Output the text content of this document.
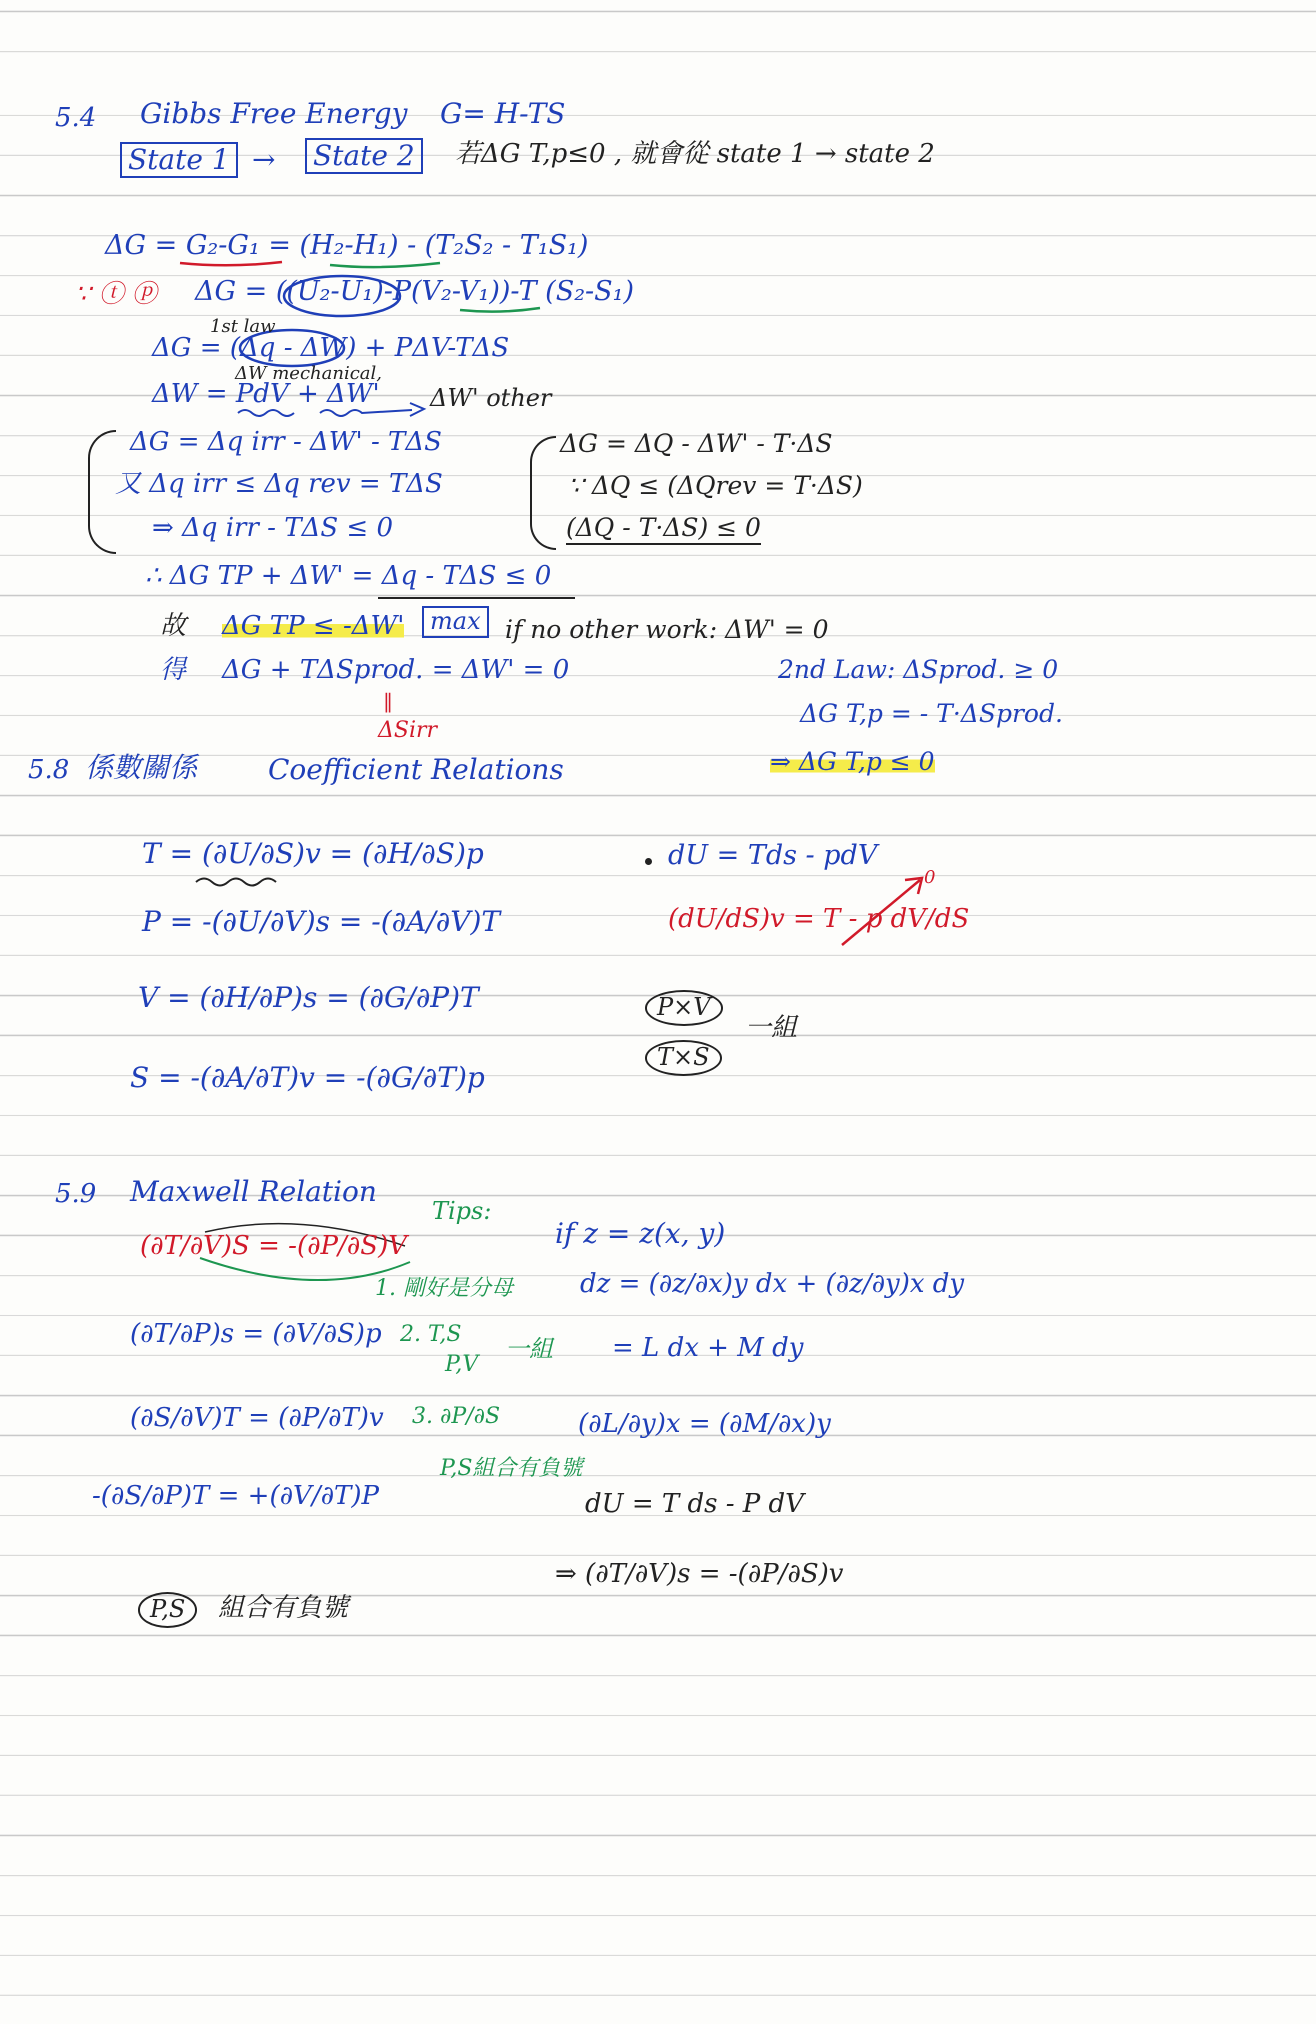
5.4 Gibbs Free Energy G= H-TS
State 1 → State 2	若ΔG T,p≤0 , 就會從 state 1 → state 2
ΔG = G₂-G₁ = (H₂-H₁) - (T₂S₂ - T₁S₁)
∵ ⓣ ⓟ ΔG = ((U₂-U₁)-P(V₂-V₁))-T (S₂-S₁)
1st law
ΔG = (Δq - ΔW) + PΔV-TΔS
ΔW mechanical,
ΔW = PdV + ΔW' ΔW' other
ΔG = Δq irr - ΔW' - TΔS
又 Δq irr ≤ Δq rev = TΔS
⇒ Δq irr - TΔS ≤ 0
ΔG = ΔQ - ΔW' - T·ΔS
∵ ΔQ ≤ (ΔQrev = T·ΔS)
(ΔQ - T·ΔS) ≤ 0
∴ ΔG TP + ΔW' = Δq - TΔS ≤ 0
故 ΔG TP ≤ -ΔW'	max if no other work: ΔW' = 0
得 ΔG + TΔSprod. = ΔW' = 0
‖
ΔSirr
2nd Law: ΔSprod. ≥ 0
ΔG T,p = - T·ΔSprod.
⇒ ΔG T,p ≤ 0
5.8 係數關係	Coefficient Relations
T = (∂U/∂S)v = (∂H/∂S)p
P = -(∂U/∂V)s = -(∂A/∂V)T
V = (∂H/∂P)s = (∂G/∂P)T
S = -(∂A/∂T)v = -(∂G/∂T)p
dU = Tds - pdV
(dU/dS)v = T - p dV/dS
0
P×V
T×S
一組
5.9 Maxwell Relation
Tips:
(∂T/∂V)S = -(∂P/∂S)V
1. 剛好是分母
2. T,S
P,V
一組
3. ∂P/∂S
P,S組合有負號
(∂T/∂P)s = (∂V/∂S)p
(∂S/∂V)T = (∂P/∂T)v
-(∂S/∂P)T = +(∂V/∂T)P
P,S	組合有負號
if z = z(x, y)
dz = (∂z/∂x)y dx + (∂z/∂y)x dy
= L dx + M dy
(∂L/∂y)x = (∂M/∂x)y
dU = T ds - P dV
⇒ (∂T/∂V)s = -(∂P/∂S)v
